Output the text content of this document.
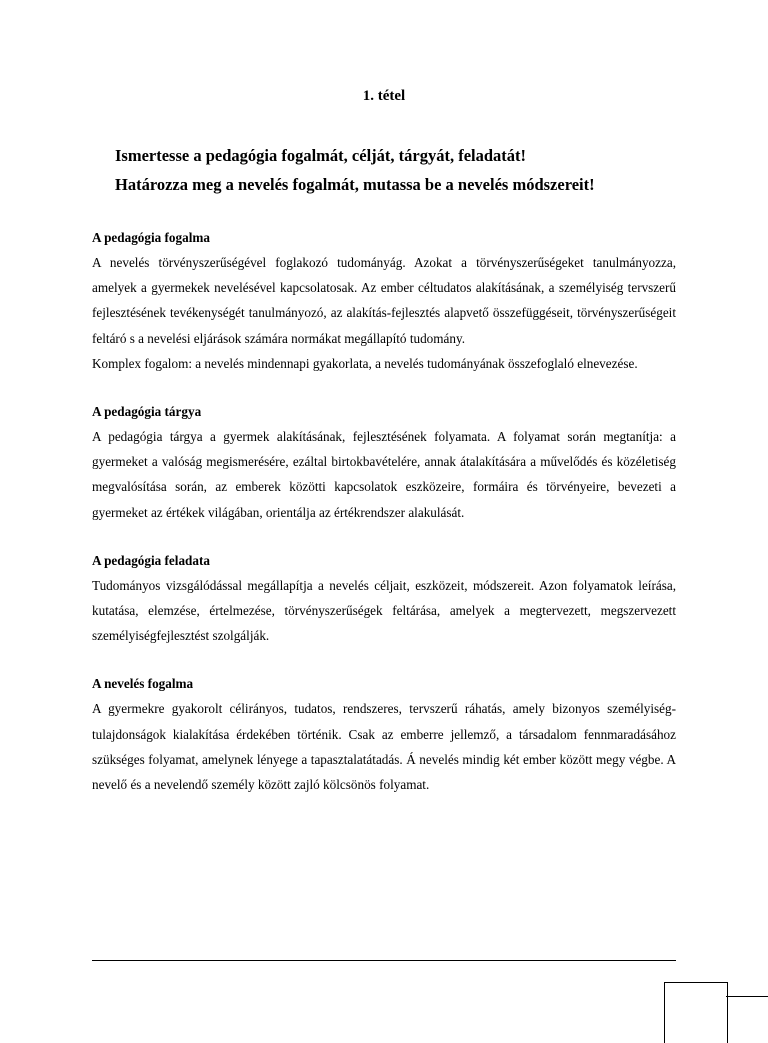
1. tétel
Ismertesse a pedagógia fogalmát, célját, tárgyát, feladatát!
Határozza meg a nevelés fogalmát, mutassa be a nevelés módszereit!
A pedagógia fogalma

A nevelés törvényszerűségével foglakozó tudományág. Azokat a törvényszerűségeket tanulmányozza, amelyek a gyermekek nevelésével kapcsolatosak. Az ember céltudatos alakításának, a személyiség tervszerű fejlesztésének tevékenységét tanulmányozó, az alakítás-fejlesztés alapvető összefüggéseit, törvényszerűségeit feltáró s a nevelési eljárások számára normákat megállapító tudomány.

Komplex fogalom: a nevelés mindennapi gyakorlata, a nevelés tudományának összefoglaló elnevezése.

A pedagógia tárgya

A pedagógia tárgya a gyermek alakításának, fejlesztésének folyamata. A folyamat során megtanítja: a gyermeket a valóság megismerésére, ezáltal birtokbavételére, annak átalakítására a művelődés és közéletiség megvalósítása során, az emberek közötti kapcsolatok eszközeire, formáira és törvényeire, bevezeti a gyermeket az értékek világában, orientálja az értékrendszer alakulását.

A pedagógia feladata

Tudományos vizsgálódással megállapítja a nevelés céljait, eszközeit, módszereit. Azon folyamatok leírása, kutatása, elemzése, értelmezése, törvényszerűségek feltárása, amelyek a megtervezett, megszervezett személyiségfejlesztést szolgálják.

A nevelés fogalma

A gyermekre gyakorolt célirányos, tudatos, rendszeres, tervszerű ráhatás, amely bizonyos személyiség-tulajdonságok kialakítása érdekében történik. Csak az emberre jellemző, a társadalom fennmaradásához szükséges folyamat, amelynek lényege a tapasztalatátadás. Á nevelés mindig két ember között megy végbe. A nevelő és a nevelendő személy között zajló kölcsönös folyamat.
